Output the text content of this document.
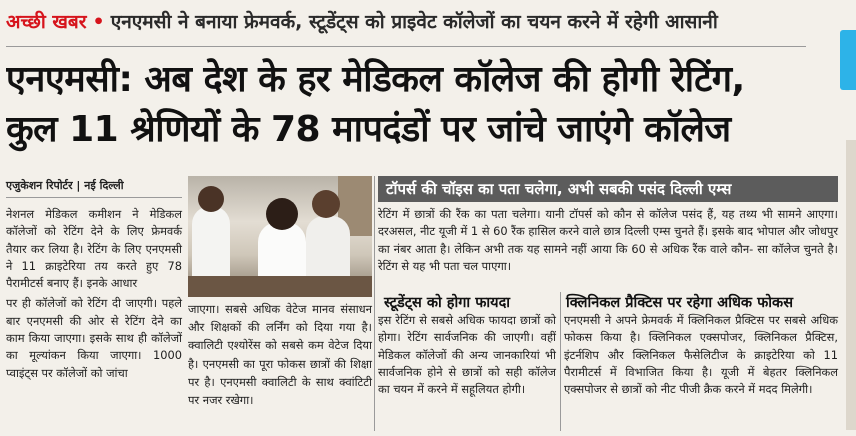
अच्छी खबर • एनएमसी ने बनाया फ्रेमवर्क, स्टूडेंट्स को प्राइवेट कॉलेजों का चयन करने में रहेगी आसानी
एनएमसी: अब देश के हर मेडिकल कॉलेज की होगी रेटिंग,
कुल 11 श्रेणियों के 78 मापदंडों पर जांचे जाएंगे कॉलेज
एजुकेशन रिपोर्टर | नई दिल्ली

नेशनल मेडिकल कमीशन ने मेडिकल कॉलेजों को रेटिंग देने के लिए फ्रेमवर्क तैयार कर लिया है। रेटिंग के लिए एनएमसी ने 11 क्राइटेरिया तय करते हुए 78 पैरामीटर्स बनाए हैं। इनके आधार

पर ही कॉलेजों को रेटिंग दी जाएगी। पहले बार एनएमसी की ओर से रेटिंग देने का काम किया जाएगा। इसके साथ ही कॉलेजों का मूल्यांकन किया जाएगा। 1000 प्वाइंट्स पर कॉलेजों को जांचा

जाएगा। सबसे अधिक वेटेज मानव संसाधन और शिक्षकों की लर्निंग को दिया गया है। क्वालिटी एश्योरेंस को सबसे कम वेटेज दिया है। एनएमसी का पूरा फोकस छात्रों की शिक्षा पर है। एनएमसी क्वालिटी के साथ क्वांटिटी पर नजर रखेगा।
टॉपर्स की चॉइस का पता चलेगा, अभी सबकी पसंद दिल्ली एम्स
रेटिंग में छात्रों की रैंक का पता चलेगा। यानी टॉपर्स को कौन से कॉलेज पसंद हैं, यह तथ्य भी सामने आएगा। दरअसल, नीट यूजी में 1 से 60 रैंक हासिल करने वाले छात्र दिल्ली एम्स चुनते हैं। इसके बाद भोपाल और जोधपुर का नंबर आता है। लेकिन अभी तक यह सामने नहीं आया कि 60 से अधिक रैंक वाले कौन- सा कॉलेज चुनते है। रेटिंग से यह भी पता चल पाएगा।
स्टूडेंट्स को होगा फायदा
इस रेटिंग से सबसे अधिक फायदा छात्रों को होगा। रेटिंग सार्वजनिक की जाएगी। वहीं मेडिकल कॉलेजों की अन्य जानकारियां भी सार्वजनिक होने से छात्रों को सही कॉलेज का चयन में करने में सहूलियत होगी।
क्लिनिकल प्रैक्टिस पर रहेगा अधिक फोकस
एनएमसी ने अपने फ्रेमवर्क में क्लिनिकल प्रैक्टिस पर सबसे अधिक फोकस किया है। क्लिनिकल एक्सपोजर, क्लिनिकल प्रैक्टिस, इंटर्नशिप और क्लिनिकल फैसेलिटीज के क्राइटेरिया को 11 पैरामीटर्स में विभाजित किया है। यूजी में बेहतर क्लिनिकल एक्सपोजर से छात्रों को नीट पीजी क्रैक करने में मदद मिलेगी।
